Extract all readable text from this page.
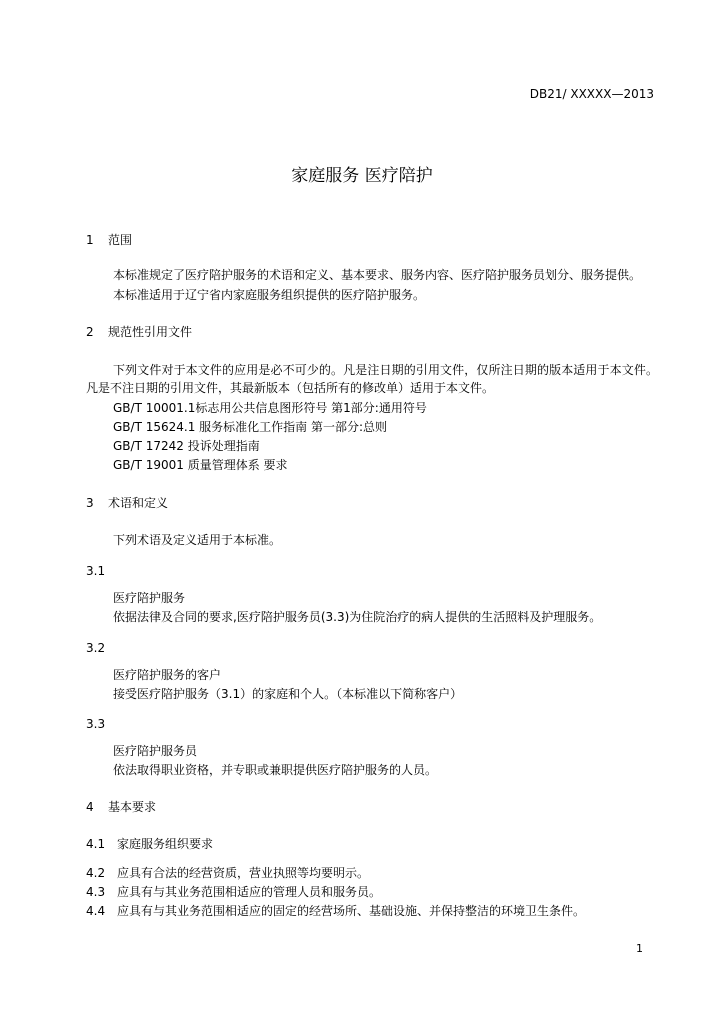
DB21/ XXXXX—2013
家庭服务 医疗陪护
1 范围
本标准规定了医疗陪护服务的术语和定义、基本要求、服务内容、医疗陪护服务员划分、服务提供。
本标准适用于辽宁省内家庭服务组织提供的医疗陪护服务。
2 规范性引用文件
下列文件对于本文件的应用是必不可少的。凡是注日期的引用文件，仅所注日期的版本适用于本文件。凡是不注日期的引用文件，其最新版本（包括所有的修改单）适用于本文件。
GB/T 10001.1标志用公共信息图形符号 第1部分:通用符号
GB/T 15624.1 服务标准化工作指南 第一部分:总则
GB/T 17242 投诉处理指南
GB/T 19001 质量管理体系 要求
3 术语和定义
下列术语及定义适用于本标准。
3.1
医疗陪护服务
依据法律及合同的要求,医疗陪护服务员(3.3)为住院治疗的病人提供的生活照料及护理服务。
3.2
医疗陪护服务的客户
接受医疗陪护服务（3.1）的家庭和个人。（本标准以下简称客户）
3.3
医疗陪护服务员
依法取得职业资格，并专职或兼职提供医疗陪护服务的人员。
4 基本要求
4.1 家庭服务组织要求
4.2 应具有合法的经营资质，营业执照等均要明示。
4.3 应具有与其业务范围相适应的管理人员和服务员。
4.4 应具有与其业务范围相适应的固定的经营场所、基础设施、并保持整洁的环境卫生条件。
1
